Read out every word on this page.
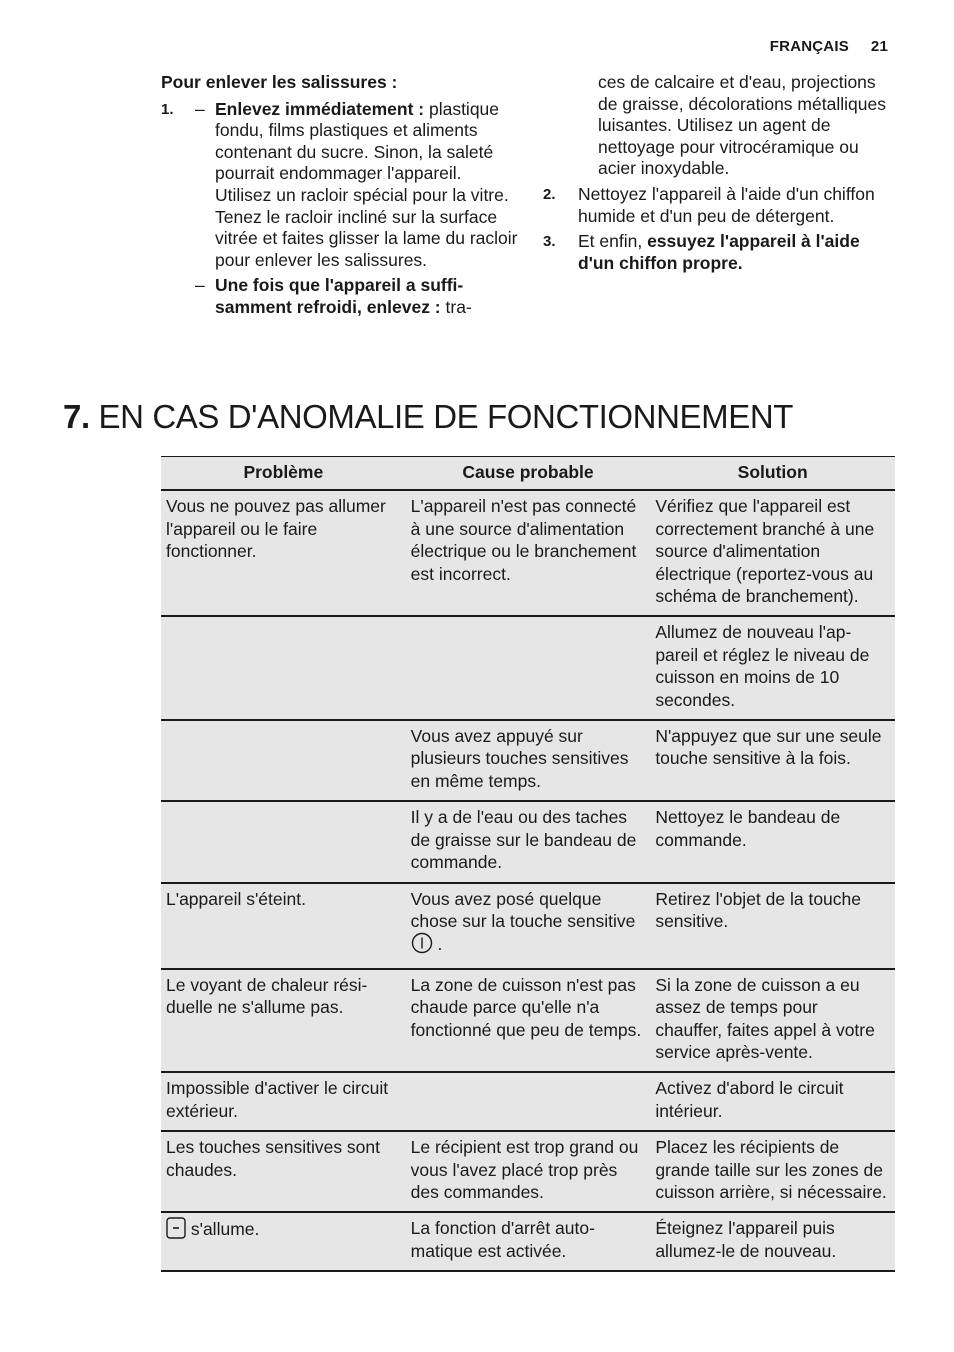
FRANÇAIS 21

Pour enlever les salissures :

1. – Enlevez immédiatement : plastique fondu, films plastiques et aliments contenant du sucre. Sinon, la saleté pourrait endommager l'appareil. Utilisez un racloir spécial pour la vitre. Tenez le racloir incliné sur la surface vitrée et faites glisser la lame du racloir pour enlever les salissures.
– Une fois que l'appareil a suffisamment refroidi, enlevez : tra-

ces de calcaire et d'eau, projections de graisse, décolorations métalliques luisantes. Utilisez un agent de nettoyage pour vitrocéramique ou acier inoxydable.

2. Nettoyez l'appareil à l'aide d'un chiffon humide et d'un peu de détergent.
3. Et enfin, essuyez l'appareil à l'aide d'un chiffon propre.
7. EN CAS D'ANOMALIE DE FONCTIONNEMENT
Problème	Cause probable	Solution
Vous ne pouvez pas allumer l'appareil ou le faire fonctionner.	L'appareil n'est pas connecté à une source d'alimentation électrique ou le branchement est incorrect.	Vérifiez que l'appareil est correctement branché à une source d'alimentation électrique (reportez-vous au schéma de branchement).
		Allumez de nouveau l'appareil et réglez le niveau de cuisson en moins de 10 secondes.
	Vous avez appuyé sur plusieurs touches sensitives en même temps.	N'appuyez que sur une seule touche sensitive à la fois.
	Il y a de l'eau ou des taches de graisse sur le bandeau de commande.	Nettoyez le bandeau de commande.
L'appareil s'éteint.	Vous avez posé quelque chose sur la touche sensitive  .	Retirez l'objet de la touche sensitive.
Le voyant de chaleur résiduelle ne s'allume pas.	La zone de cuisson n'est pas chaude parce qu'elle n'a fonctionné que peu de temps.	Si la zone de cuisson a eu assez de temps pour chauffer, faites appel à votre service après-vente.
Impossible d'activer le circuit extérieur.		Activez d'abord le circuit intérieur.
Les touches sensitives sont chaudes.	Le récipient est trop grand ou vous l'avez placé trop près des commandes.	Placez les récipients de grande taille sur les zones de cuisson arrière, si nécessaire.
s'allume.	La fonction d'arrêt automatique est activée.	Éteignez l'appareil puis allumez-le de nouveau.
